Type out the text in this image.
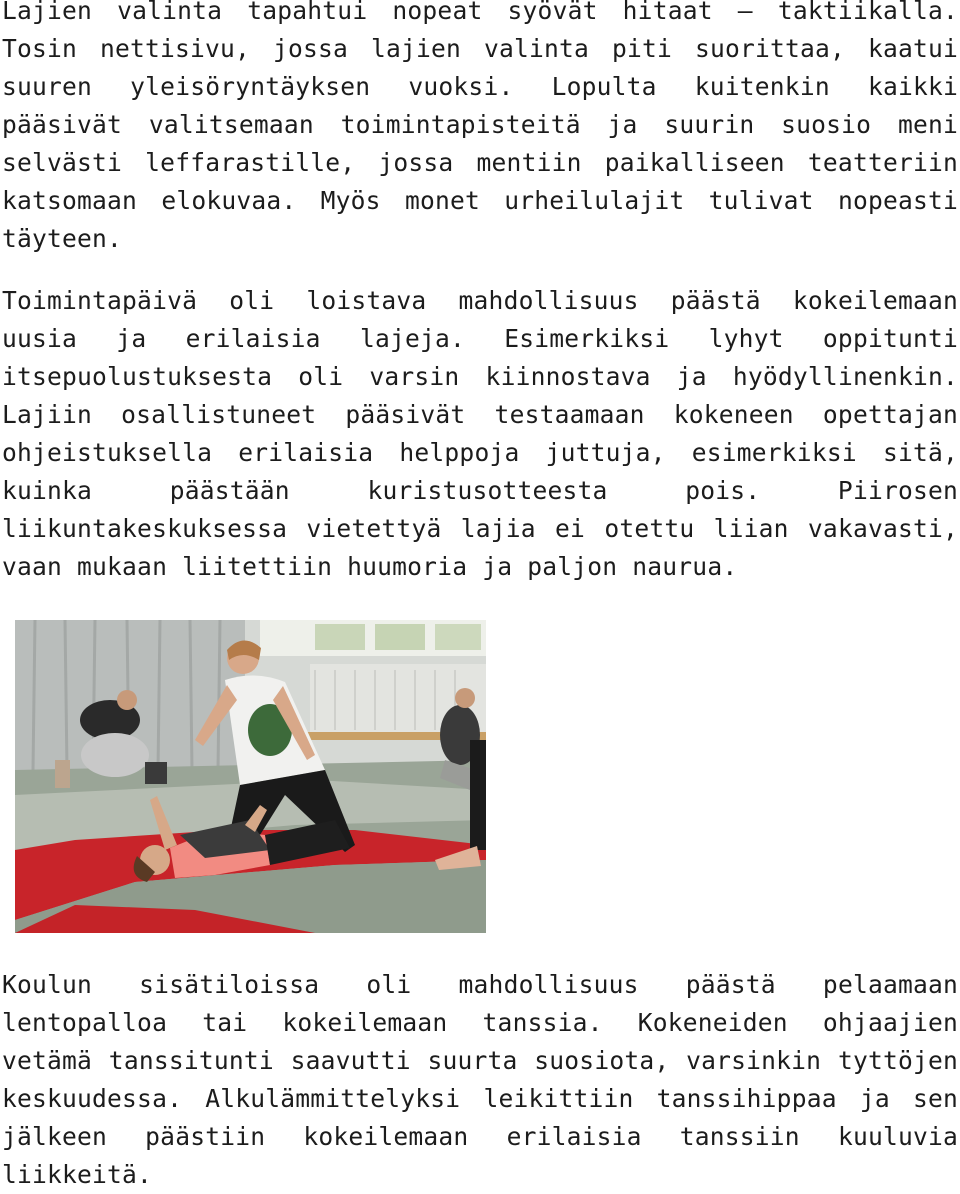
Lajien valinta tapahtui nopeat syövät hitaat – taktiikalla. Tosin nettisivu, jossa lajien valinta piti suorittaa, kaatui suuren yleisöryntäyksen vuoksi. Lopulta kuitenkin kaikki pääsivät valitsemaan toimintapisteitä ja suurin suosio meni selvästi leffarastille, jossa mentiin paikalliseen teatteriin katsomaan elokuvaa. Myös monet urheilulajit tulivat nopeasti täyteen.

Toimintapäivä oli loistava mahdollisuus päästä kokeilemaan uusia ja erilaisia lajeja. Esimerkiksi lyhyt oppitunti itsepuolustuksesta oli varsin kiinnostava ja hyödyllinenkin. Lajiin osallistuneet pääsivät testaamaan kokeneen opettajan ohjeistuksella erilaisia helppoja juttuja, esimerkiksi sitä, kuinka päästään kuristusotteesta pois. Piirosen liikuntakeskuksessa vietettyä lajia ei otettu liian vakavasti, vaan mukaan liitettiin huumoria ja paljon naurua.

Koulun sisätiloissa oli mahdollisuus päästä pelaamaan lentopalloa tai kokeilemaan tanssia. Kokeneiden ohjaajien vetämä tanssitunti saavutti suurta suosiota, varsinkin tyttöjen keskuudessa. Alkulämmittelyksi leikittiin tanssihippaa ja sen jälkeen päästiin kokeilemaan erilaisia tanssiin kuuluvia liikkeitä.
